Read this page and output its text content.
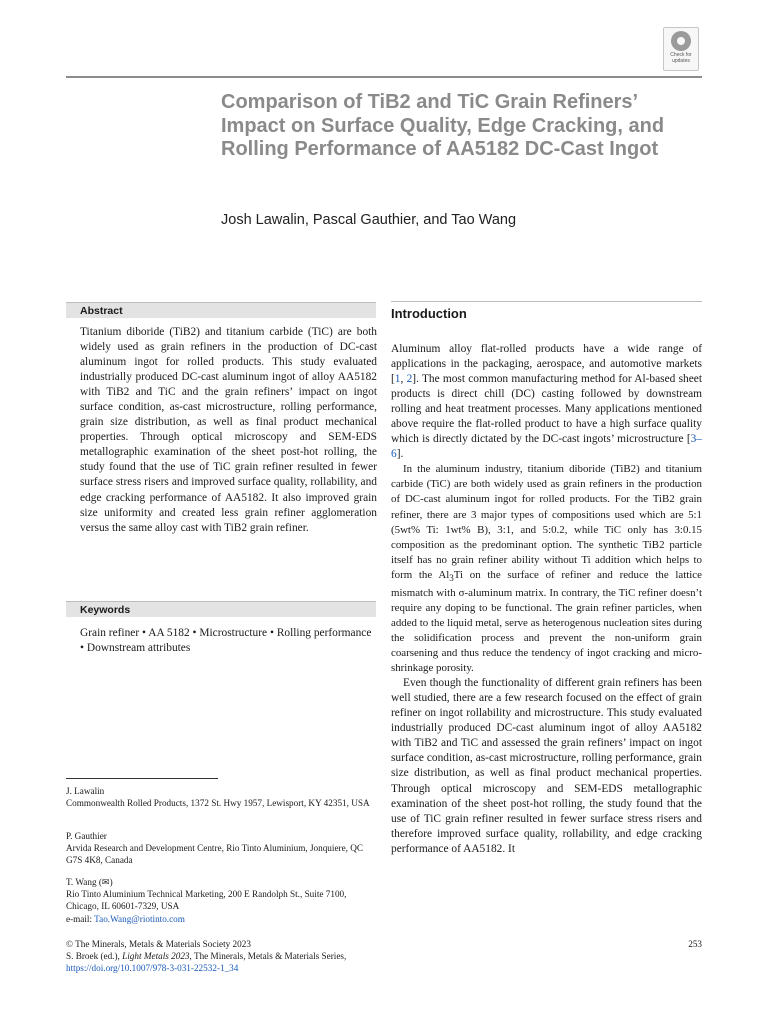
Check for
updates
Comparison of TiB2 and TiC Grain Refiners’ Impact on Surface Quality, Edge Cracking, and Rolling Performance of AA5182 DC-Cast Ingot
Josh Lawalin, Pascal Gauthier, and Tao Wang
Abstract

Titanium diboride (TiB2) and titanium carbide (TiC) are both widely used as grain refiners in the production of DC-cast aluminum ingot for rolled products. This study evaluated industrially produced DC-cast aluminum ingot of alloy AA5182 with TiB2 and TiC and the grain refiners’ impact on ingot surface condition, as-cast microstructure, rolling performance, grain size distribution, as well as final product mechanical properties. Through optical microscopy and SEM-EDS metallographic examination of the sheet post-hot rolling, the study found that the use of TiC grain refiner resulted in fewer surface stress risers and improved surface quality, rollability, and edge cracking performance of AA5182. It also improved grain size uniformity and created less grain refiner agglomeration versus the same alloy cast with TiB2 grain refiner.

Keywords

Grain refiner • AA 5182 • Microstructure • Rolling performance • Downstream attributes

Introduction

Aluminum alloy flat-rolled products have a wide range of applications in the packaging, aerospace, and automotive markets [1, 2]. The most common manufacturing method for Al-based sheet products is direct chill (DC) casting followed by downstream rolling and heat treatment processes. Many applications mentioned above require the flat-rolled product to have a high surface quality which is directly dictated by the DC-cast ingots’ microstructure [3–6].

In the aluminum industry, titanium diboride (TiB2) and titanium carbide (TiC) are both widely used as grain refiners in the production of DC-cast aluminum ingot for rolled products. For the TiB2 grain refiner, there are 3 major types of compositions used which are 5:1 (5wt% Ti: 1wt% B), 3:1, and 5:0.2, while TiC only has 3:0.15 composition as the predominant option. The synthetic TiB2 particle itself has no grain refiner ability without Ti addition which helps to form the $Al_3Ti$ on the surface of refiner and reduce the lattice mismatch with σ-aluminum matrix. In contrary, the TiC refiner doesn’t require any doping to be functional. The grain refiner particles, when added to the liquid metal, serve as heterogenous nucleation sites during the solidification process and prevent the non-uniform grain coarsening and thus reduce the tendency of ingot cracking and micro-shrinkage porosity.

Even though the functionality of different grain refiners has been well studied, there are a few research focused on the effect of grain refiner on ingot rollability and microstructure. This study evaluated industrially produced DC-cast aluminum ingot of alloy AA5182 with TiB2 and TiC and assessed the grain refiners’ impact on ingot surface condition, as-cast microstructure, rolling performance, grain size distribution, as well as final product mechanical properties. Through optical microscopy and SEM-EDS metallographic examination of the sheet post-hot rolling, the study found that the use of TiC grain refiner resulted in fewer surface stress risers and therefore improved surface quality, rollability, and edge cracking performance of AA5182. It

J. Lawalin
Commonwealth Rolled Products, 1372 St. Hwy 1957, Lewisport, KY 42351, USA

P. Gauthier
Arvida Research and Development Centre, Rio Tinto Aluminium, Jonquiere, QC G7S 4K8, Canada

T. Wang (✉)
Rio Tinto Aluminium Technical Marketing, 200 E Randolph St., Suite 7100, Chicago, IL 60601-7329, USA
e-mail: Tao.Wang@riotinto.com

© The Minerals, Metals & Materials Society 2023

S. Broek (ed.), Light Metals 2023, The Minerals, Metals & Materials Series,

https://doi.org/10.1007/978-3-031-22532-1_34

253
